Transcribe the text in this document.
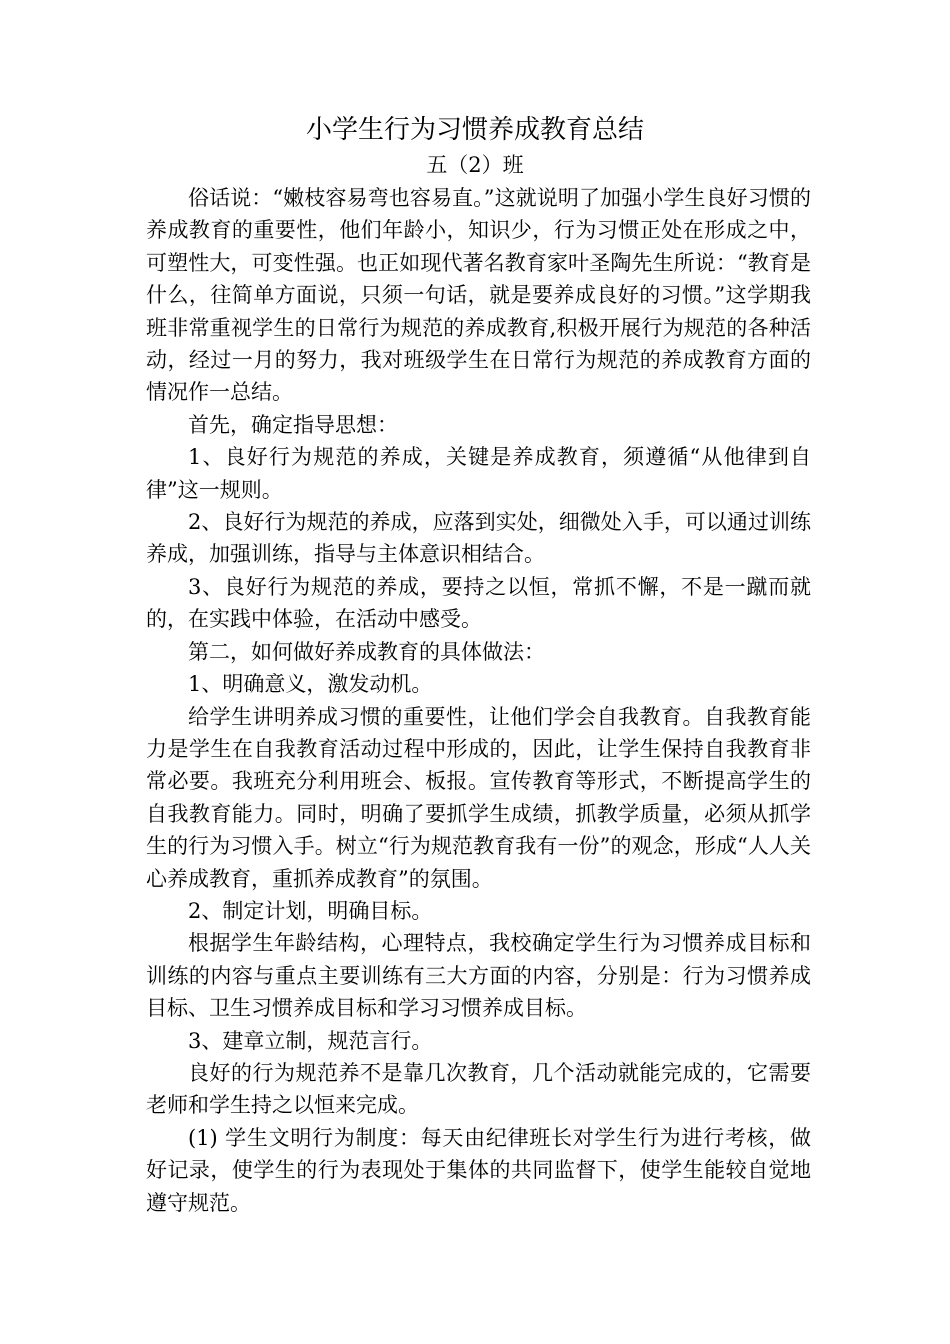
小学生行为习惯养成教育总结
五（2）班

俗话说：“嫩枝容易弯也容易直。”这就说明了加强小学生良好习惯的养成教育的重要性，他们年龄小，知识少，行为习惯正处在形成之中，可塑性大，可变性强。也正如现代著名教育家叶圣陶先生所说：“教育是什么，往简单方面说，只须一句话，就是要养成良好的习惯。”这学期我班非常重视学生的日常行为规范的养成教育,积极开展行为规范的各种活动，经过一月的努力，我对班级学生在日常行为规范的养成教育方面的情况作一总结。

首先，确定指导思想：

1、良好行为规范的养成，关键是养成教育，须遵循“从他律到自律”这一规则。

2、良好行为规范的养成，应落到实处，细微处入手，可以通过训练养成，加强训练，指导与主体意识相结合。

3、良好行为规范的养成，要持之以恒，常抓不懈，不是一蹴而就的，在实践中体验，在活动中感受。

第二，如何做好养成教育的具体做法：

1、明确意义，激发动机。

给学生讲明养成习惯的重要性，让他们学会自我教育。自我教育能力是学生在自我教育活动过程中形成的，因此，让学生保持自我教育非常必要。我班充分利用班会、板报。宣传教育等形式，不断提高学生的自我教育能力。同时，明确了要抓学生成绩，抓教学质量，必须从抓学生的行为习惯入手。树立“行为规范教育我有一份”的观念，形成“人人关心养成教育，重抓养成教育”的氛围。

2、制定计划，明确目标。

根据学生年龄结构，心理特点，我校确定学生行为习惯养成目标和训练的内容与重点主要训练有三大方面的内容，分别是：行为习惯养成目标、卫生习惯养成目标和学习习惯养成目标。

3、建章立制，规范言行。

良好的行为规范养不是靠几次教育，几个活动就能完成的，它需要老师和学生持之以恒来完成。

(1) 学生文明行为制度：每天由纪律班长对学生行为进行考核，做好记录，使学生的行为表现处于集体的共同监督下，使学生能较自觉地遵守规范。
